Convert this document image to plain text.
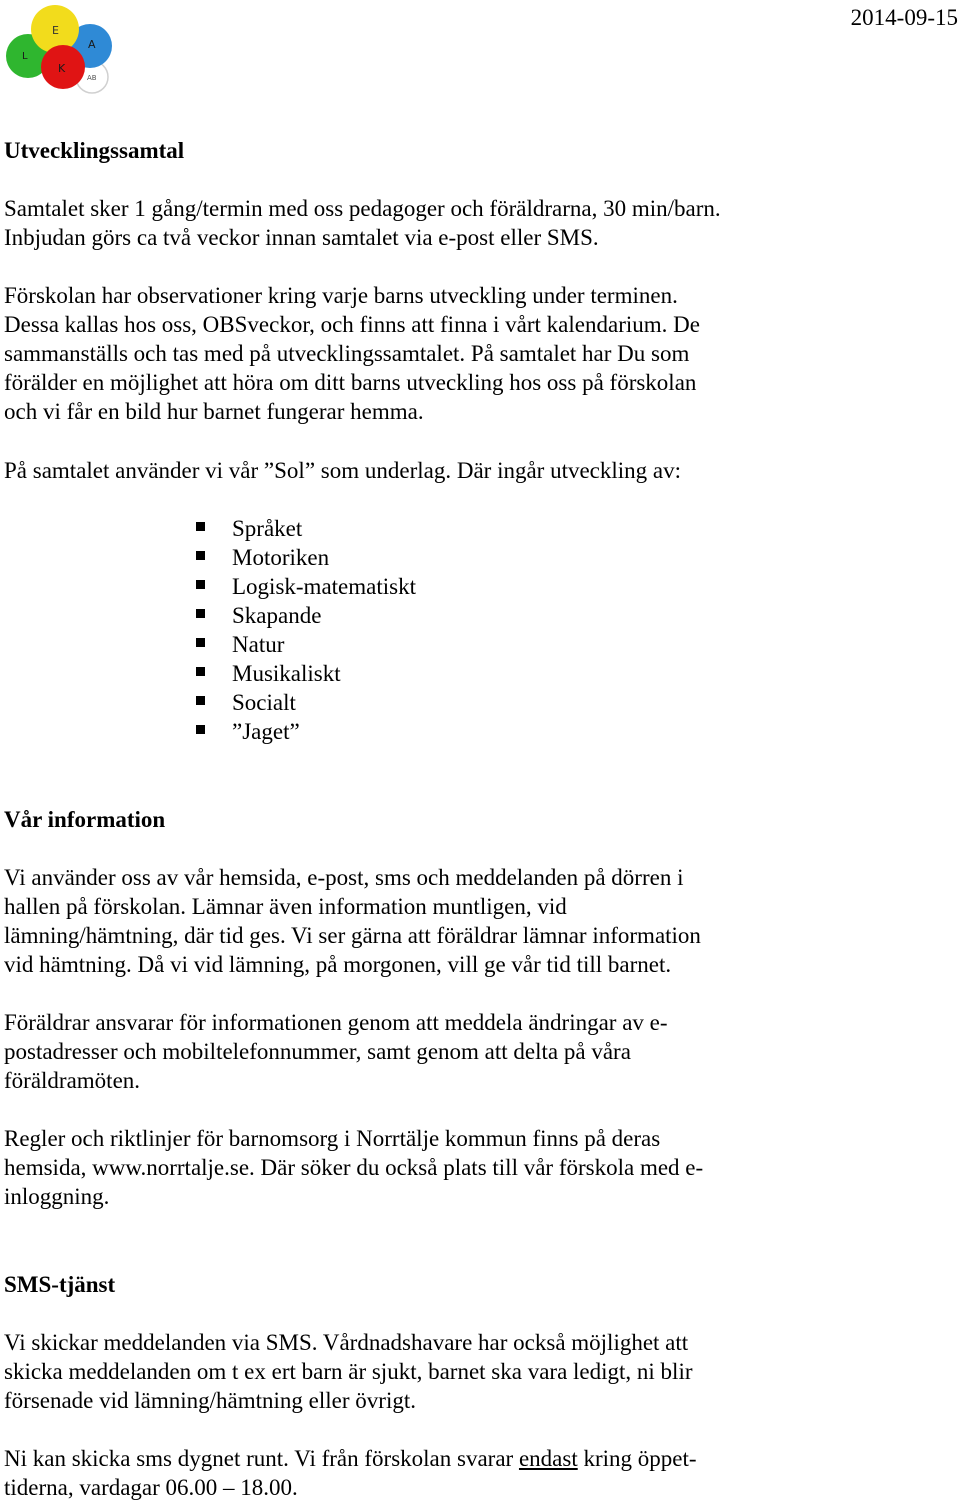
E
A
L
K
AB
2014-09-15
Utvecklingssamtal
Samtalet sker 1 gång/termin med oss pedagoger och föräldrarna, 30 min/barn.
Inbjudan görs ca två veckor innan samtalet via e-post eller SMS.
Förskolan har observationer kring varje barns utveckling under terminen.
Dessa kallas hos oss, OBSveckor, och finns att finna i vårt kalendarium. De
sammanställs och tas med på utvecklingssamtalet. På samtalet har Du som
förälder en möjlighet att höra om ditt barns utveckling hos oss på förskolan
och vi får en bild hur barnet fungerar hemma.
På samtalet använder vi vår ”Sol” som underlag. Där ingår utveckling av:
Språket
Motoriken
Logisk-matematiskt
Skapande
Natur
Musikaliskt
Socialt
”Jaget”
Vår information
Vi använder oss av vår hemsida, e-post, sms och meddelanden på dörren i
hallen på förskolan. Lämnar även information muntligen, vid
lämning/hämtning, där tid ges. Vi ser gärna att föräldrar lämnar information
vid hämtning. Då vi vid lämning, på morgonen, vill ge vår tid till barnet.
Föräldrar ansvarar för informationen genom att meddela ändringar av e-
postadresser och mobiltelefonnummer, samt genom att delta på våra
föräldramöten.
Regler och riktlinjer för barnomsorg i Norrtälje kommun finns på deras
hemsida, www.norrtalje.se. Där söker du också plats till vår förskola med e-
inloggning.
SMS-tjänst
Vi skickar meddelanden via SMS. Vårdnadshavare har också möjlighet att
skicka meddelanden om t ex ert barn är sjukt, barnet ska vara ledigt, ni blir
försenade vid lämning/hämtning eller övrigt.
Ni kan skicka sms dygnet runt. Vi från förskolan svarar endast kring öppet-
tiderna, vardagar 06.00 – 18.00.
